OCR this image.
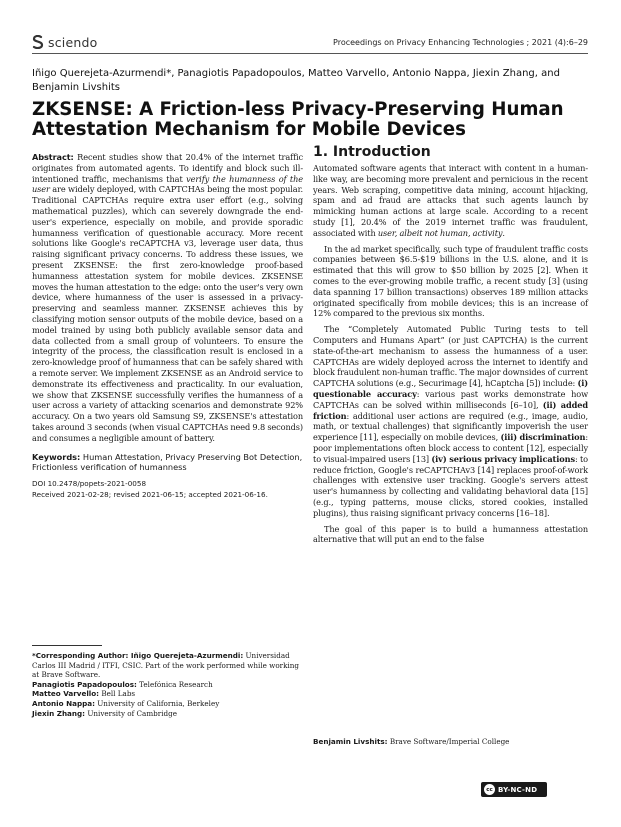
sciendo	Proceedings on Privacy Enhancing Technologies ; 2021 (4):6–29
Iñigo Querejeta-Azurmendi*, Panagiotis Papadopoulos, Matteo Varvello, Antonio Nappa, Jiexin Zhang, and Benjamin Livshits
ZKSENSE: A Friction-less Privacy-Preserving Human Attestation Mechanism for Mobile Devices

Abstract: Recent studies show that 20.4% of the internet traffic originates from automated agents. To identify and block such ill-intentioned traffic, mechanisms that verify the humanness of the user are widely deployed, with CAPTCHAs being the most popular. Traditional CAPTCHAs require extra user effort (e.g., solving mathematical puzzles), which can severely downgrade the end-user's experience, especially on mobile, and provide sporadic humanness verification of questionable accuracy. More recent solutions like Google's reCAPTCHA v3, leverage user data, thus raising significant privacy concerns. To address these issues, we present ZKSENSE: the first zero-knowledge proof-based humanness attestation system for mobile devices. ZKSENSE moves the human attestation to the edge: onto the user's very own device, where humanness of the user is assessed in a privacy-preserving and seamless manner. ZKSENSE achieves this by classifying motion sensor outputs of the mobile device, based on a model trained by using both publicly available sensor data and data collected from a small group of volunteers. To ensure the integrity of the process, the classification result is enclosed in a zero-knowledge proof of humanness that can be safely shared with a remote server. We implement ZKSENSE as an Android service to demonstrate its effectiveness and practicality. In our evaluation, we show that ZKSENSE successfully verifies the humanness of a user across a variety of attacking scenarios and demonstrate 92% accuracy. On a two years old Samsung S9, ZKSENSE's attestation takes around 3 seconds (when visual CAPTCHAs need 9.8 seconds) and consumes a negligible amount of battery.

Keywords: Human Attestation, Privacy Preserving Bot Detection, Frictionless verification of humanness
DOI 10.2478/popets-2021-0058
Received 2021-02-28; revised 2021-06-15; accepted 2021-06-16.

*Corresponding Author: Iñigo Querejeta-Azurmendi: Universidad Carlos III Madrid / ITFI, CSIC. Part of the work performed while working at Brave Software.

Panagiotis Papadopoulos: Telefónica Research

Matteo Varvello: Bell Labs

Antonio Nappa: University of California, Berkeley

Jiexin Zhang: University of Cambridge

1. Introduction

Automated software agents that interact with content in a human-like way, are becoming more prevalent and pernicious in the recent years. Web scraping, competitive data mining, account hijacking, spam and ad fraud are attacks that such agents launch by mimicking human actions at large scale. According to a recent study [1], 20.4% of the 2019 internet traffic was fraudulent, associated with user, albeit not human, activity.

In the ad market specifically, such type of fraudulent traffic costs companies between $6.5-$19 billions in the U.S. alone, and it is estimated that this will grow to $50 billion by 2025 [2]. When it comes to the ever-growing mobile traffic, a recent study [3] (using data spanning 17 billion transactions) observes 189 million attacks originated specifically from mobile devices; this is an increase of 12% compared to the previous six months.

The “Completely Automated Public Turing tests to tell Computers and Humans Apart” (or just CAPTCHA) is the current state-of-the-art mechanism to assess the humanness of a user. CAPTCHAs are widely deployed across the internet to identify and block fraudulent non-human traffic. The major downsides of current CAPTCHA solutions (e.g., Securimage [4], hCaptcha [5]) include: (i) questionable accuracy: various past works demonstrate how CAPTCHAs can be solved within milliseconds [6–10], (ii) added friction: additional user actions are required (e.g., image, audio, math, or textual challenges) that significantly impoverish the user experience [11], especially on mobile devices, (iii) discrimination: poor implementations often block access to content [12], especially to visual-impaired users [13] (iv) serious privacy implications: to reduce friction, Google's reCAPTCHAv3 [14] replaces proof-of-work challenges with extensive user tracking. Google's servers attest user's humanness by collecting and validating behavioral data [15] (e.g., typing patterns, mouse clicks, stored cookies, installed plugins), thus raising significant privacy concerns [16–18].

The goal of this paper is to build a humanness attestation alternative that will put an end to the false

Benjamin Livshits: Brave Software/Imperial College
cc BY-NC-ND
